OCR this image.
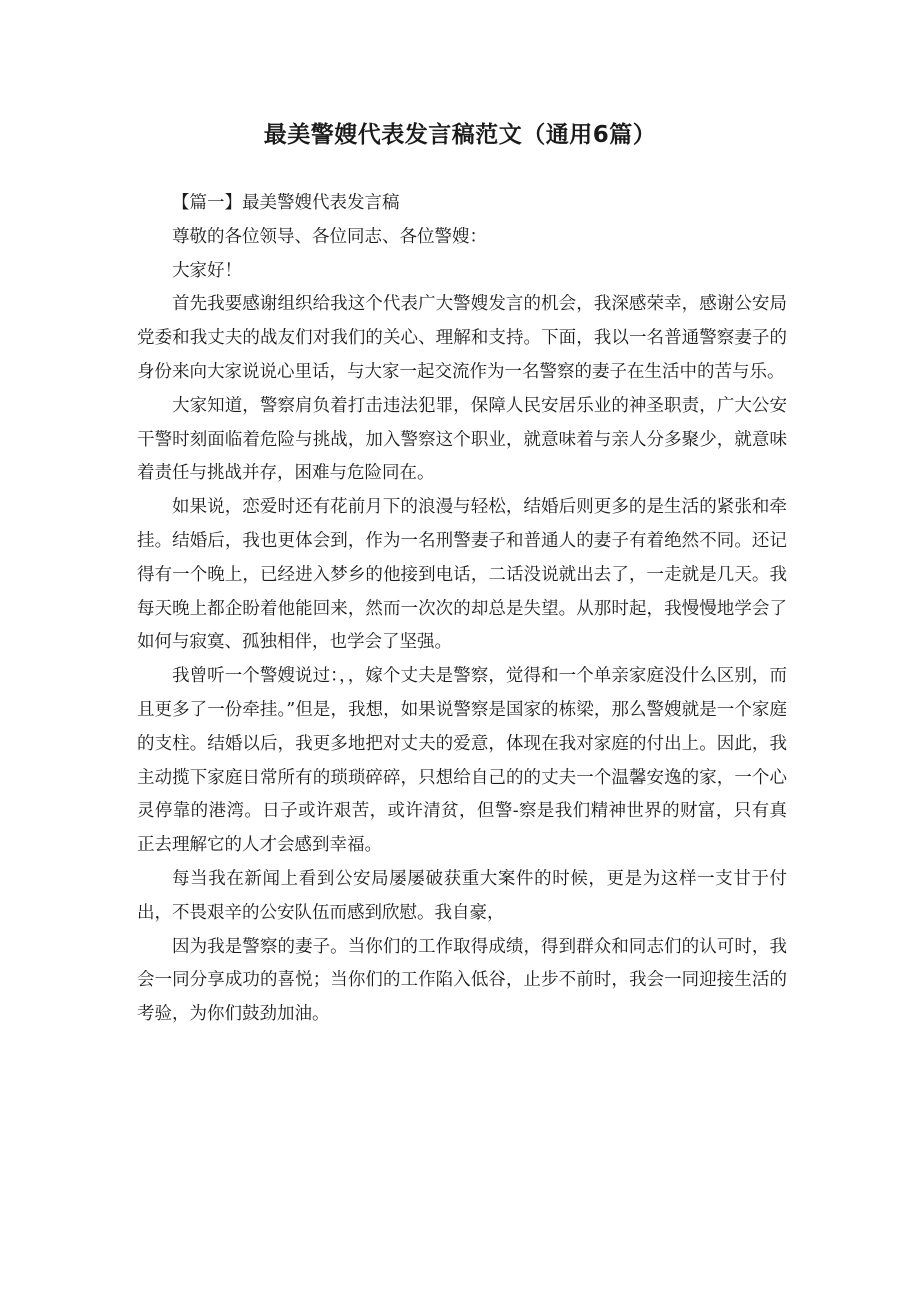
最美警嫂代表发言稿范文（通用6篇）

【篇一】最美警嫂代表发言稿

尊敬的各位领导、各位同志、各位警嫂：

大家好！

首先我要感谢组织给我这个代表广大警嫂发言的机会，我深感荣幸，感谢公安局党委和我丈夫的战友们对我们的关心、理解和支持。下面，我以一名普通警察妻子的身份来向大家说说心里话，与大家一起交流作为一名警察的妻子在生活中的苦与乐。

大家知道，警察肩负着打击违法犯罪，保障人民安居乐业的神圣职责，广大公安干警时刻面临着危险与挑战，加入警察这个职业，就意味着与亲人分多聚少，就意味着责任与挑战并存，困难与危险同在。

如果说，恋爱时还有花前月下的浪漫与轻松，结婚后则更多的是生活的紧张和牵挂。结婚后，我也更体会到，作为一名刑警妻子和普通人的妻子有着绝然不同。还记得有一个晚上，已经进入梦乡的他接到电话，二话没说就出去了，一走就是几天。我每天晚上都企盼着他能回来，然而一次次的却总是失望。从那时起，我慢慢地学会了如何与寂寞、孤独相伴，也学会了坚强。

我曾听一个警嫂说过：，，嫁个丈夫是警察，觉得和一个单亲家庭没什么区别，而且更多了一份牵挂。”但是，我想，如果说警察是国家的栋梁，那么警嫂就是一个家庭的支柱。结婚以后，我更多地把对丈夫的爱意，体现在我对家庭的付出上。因此，我主动揽下家庭日常所有的琐琐碎碎，只想给自己的的丈夫一个温馨安逸的家，一个心灵停靠的港湾。日子或许艰苦，或许清贫，但警-察是我们精神世界的财富，只有真正去理解它的人才会感到幸福。

每当我在新闻上看到公安局屡屡破获重大案件的时候，更是为这样一支甘于付出，不畏艰辛的公安队伍而感到欣慰。我自豪，

因为我是警察的妻子。当你们的工作取得成绩，得到群众和同志们的认可时，我会一同分享成功的喜悦；当你们的工作陷入低谷，止步不前时，我会一同迎接生活的考验，为你们鼓劲加油。
